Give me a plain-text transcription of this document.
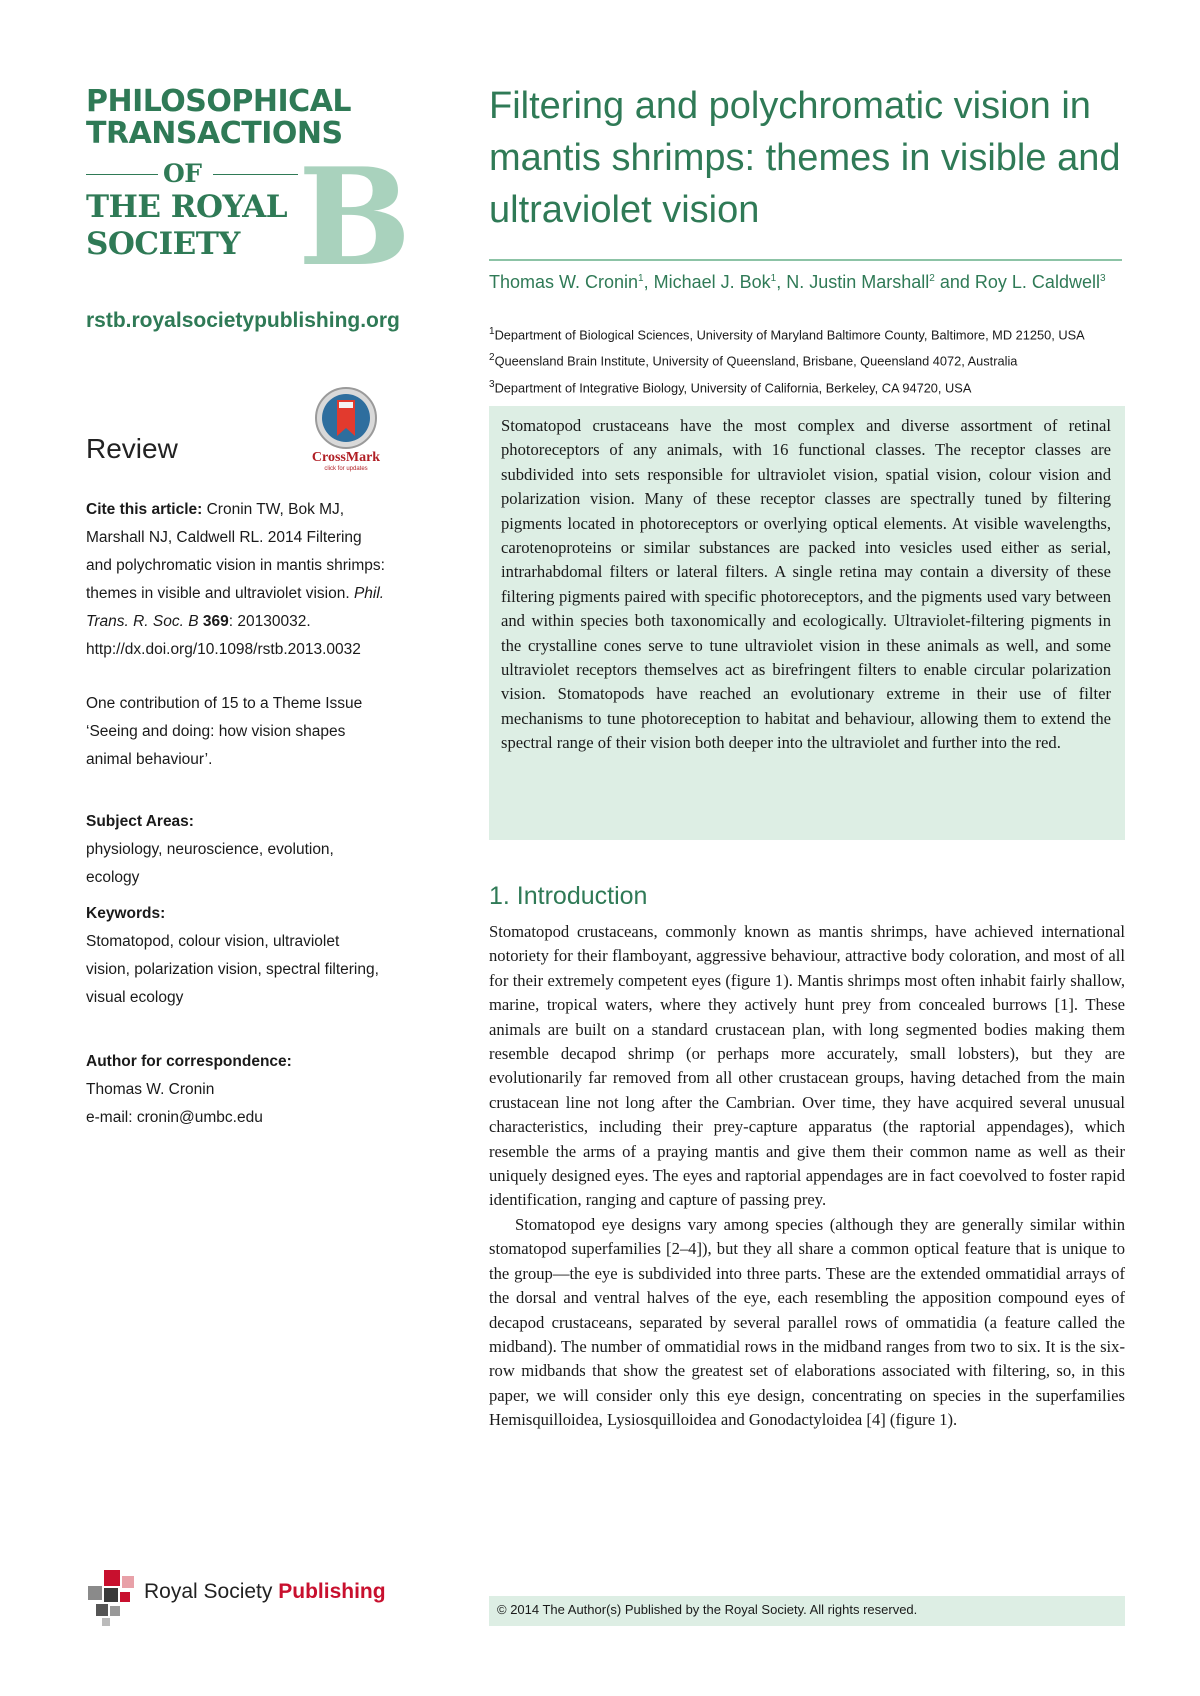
B
PHILOSOPHICAL
TRANSACTIONS
OF
THE ROYAL
SOCIETY
rstb.royalsocietypublishing.org
Review	CrossMark
click for updates

Cite this article: Cronin TW, Bok MJ, Marshall NJ, Caldwell RL. 2014 Filtering and polychromatic vision in mantis shrimps: themes in visible and ultraviolet vision. Phil. Trans. R. Soc. B 369: 20130032. http://dx.doi.org/10.1098/rstb.2013.0032

One contribution of 15 to a Theme Issue ‘Seeing and doing: how vision shapes animal behaviour’.

Subject Areas:

physiology, neuroscience, evolution, ecology

Keywords:

Stomatopod, colour vision, ultraviolet vision, polarization vision, spectral filtering, visual ecology

Author for correspondence:

Thomas W. Cronin

e-mail: cronin@umbc.edu

Royal Society Publishing
Filtering and polychromatic vision in mantis shrimps: themes in visible and ultraviolet vision
Thomas W. Cronin$^1$, Michael J. Bok$^1$, N. Justin Marshall$^2$ and Roy L. Caldwell$^3$
$^1$Department of Biological Sciences, University of Maryland Baltimore County, Baltimore, MD 21250, USA
$^2$Queensland Brain Institute, University of Queensland, Brisbane, Queensland 4072, Australia
$^3$Department of Integrative Biology, University of California, Berkeley, CA 94720, USA

Stomatopod crustaceans have the most complex and diverse assortment of retinal photoreceptors of any animals, with 16 functional classes. The receptor classes are subdivided into sets responsible for ultraviolet vision, spatial vision, colour vision and polarization vision. Many of these receptor classes are spectrally tuned by filtering pigments located in photoreceptors or overlying optical elements. At visible wavelengths, carotenoproteins or similar substances are packed into vesicles used either as serial, intrarhabdomal filters or lateral filters. A single retina may contain a diversity of these filtering pigments paired with specific photoreceptors, and the pigments used vary between and within species both taxonomically and ecologically. Ultraviolet-filtering pigments in the crystalline cones serve to tune ultraviolet vision in these animals as well, and some ultraviolet receptors themselves act as birefringent filters to enable circular polarization vision. Stomatopods have reached an evolutionary extreme in their use of filter mechanisms to tune photoreception to habitat and behaviour, allowing them to extend the spectral range of their vision both deeper into the ultraviolet and further into the red.

1. Introduction

Stomatopod crustaceans, commonly known as mantis shrimps, have achieved international notoriety for their flamboyant, aggressive behaviour, attractive body coloration, and most of all for their extremely competent eyes (figure 1). Mantis shrimps most often inhabit fairly shallow, marine, tropical waters, where they actively hunt prey from concealed burrows [1]. These animals are built on a standard crustacean plan, with long segmented bodies making them resemble decapod shrimp (or perhaps more accurately, small lobsters), but they are evolutionarily far removed from all other crustacean groups, having detached from the main crustacean line not long after the Cambrian. Over time, they have acquired several unusual characteristics, including their prey-capture apparatus (the raptorial appendages), which resemble the arms of a praying mantis and give them their common name as well as their uniquely designed eyes. The eyes and raptorial appendages are in fact coevolved to foster rapid identification, ranging and capture of passing prey.

Stomatopod eye designs vary among species (although they are generally similar within stomatopod superfamilies [2–4]), but they all share a common optical feature that is unique to the group—the eye is subdivided into three parts. These are the extended ommatidial arrays of the dorsal and ventral halves of the eye, each resembling the apposition compound eyes of decapod crustaceans, separated by several parallel rows of ommatidia (a feature called the midband). The number of ommatidial rows in the midband ranges from two to six. It is the six-row midbands that show the greatest set of elaborations associated with filtering, so, in this paper, we will consider only this eye design, concentrating on species in the superfamilies Hemisquilloidea, Lysiosquilloidea and Gonodactyloidea [4] (figure 1).

© 2014 The Author(s) Published by the Royal Society. All rights reserved.
